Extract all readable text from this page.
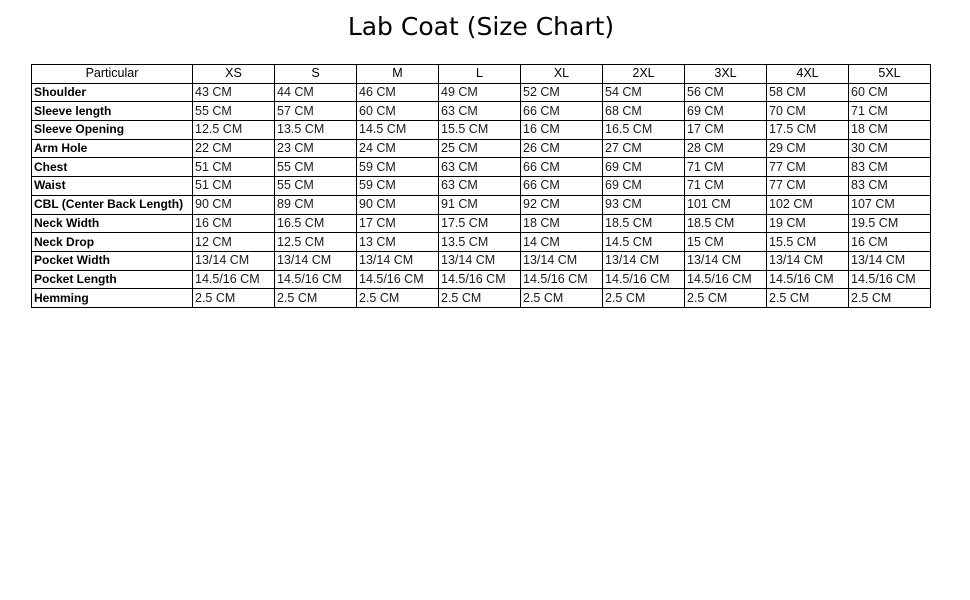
Lab Coat (Size Chart)
Particular	XS	S	M	L	XL	2XL	3XL	4XL	5XL
Shoulder	43 CM	44 CM	46 CM	49 CM	52 CM	54 CM	56 CM	58 CM	60 CM
Sleeve length	55 CM	57 CM	60 CM	63 CM	66 CM	68 CM	69 CM	70 CM	71 CM
Sleeve Opening	12.5 CM	13.5 CM	14.5 CM	15.5 CM	16 CM	16.5 CM	17 CM	17.5 CM	18 CM
Arm Hole	22 CM	23 CM	24 CM	25 CM	26 CM	27 CM	28 CM	29 CM	30 CM
Chest	51 CM	55 CM	59 CM	63 CM	66 CM	69 CM	71 CM	77 CM	83 CM
Waist	51 CM	55 CM	59 CM	63 CM	66 CM	69 CM	71 CM	77 CM	83 CM
CBL (Center Back Length)	90 CM	89 CM	90 CM	91 CM	92 CM	93 CM	101 CM	102 CM	107 CM
Neck Width	16 CM	16.5 CM	17 CM	17.5 CM	18 CM	18.5 CM	18.5 CM	19 CM	19.5 CM
Neck Drop	12 CM	12.5 CM	13 CM	13.5 CM	14 CM	14.5 CM	15 CM	15.5 CM	16 CM
Pocket Width	13/14 CM	13/14 CM	13/14 CM	13/14 CM	13/14 CM	13/14 CM	13/14 CM	13/14 CM	13/14 CM
Pocket Length	14.5/16 CM	14.5/16 CM	14.5/16 CM	14.5/16 CM	14.5/16 CM	14.5/16 CM	14.5/16 CM	14.5/16 CM	14.5/16 CM
Hemming	2.5 CM	2.5 CM	2.5 CM	2.5 CM	2.5 CM	2.5 CM	2.5 CM	2.5 CM	2.5 CM
